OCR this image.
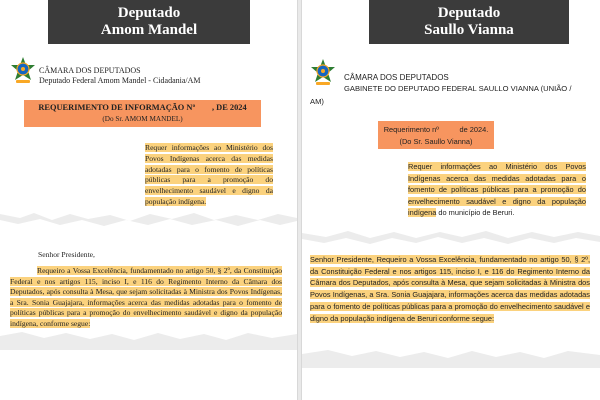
Deputado
Amom Mandel
CÂMARA DOS DEPUTADOS
Deputado Federal Amom Mandel - Cidadania/AM
REQUERIMENTO DE INFORMAÇÃO Nº        , DE 2024
(Do Sr. AMOM MANDEL)
Requer informações ao Ministério dos Povos Indígenas acerca das medidas adotadas para o fomento de políticas públicas para a promoção do envelhecimento saudável e digno da população indígena.
Senhor Presidente,
Requeiro a Vossa Excelência, fundamentado no artigo 50, § 2º, da Constituição Federal e nos artigos 115, inciso I, e 116 do Regimento Interno da Câmara dos Deputados, após consulta à Mesa, que sejam solicitadas à Ministra dos Povos Indígenas, a Sra. Sonia Guajajara, informações acerca das medidas adotadas para o fomento de políticas públicas para a promoção do envelhecimento saudável e digno da população indígena, conforme segue:
Deputado
Saullo Vianna
CÂMARA DOS DEPUTADOS
GABINETE DO DEPUTADO FEDERAL SAULLO VIANNA (UNIÃO /
AM)
Requerimento nº          de 2024.
(Do Sr. Saullo Vianna)
Requer informações ao Ministério dos Povos Indígenas acerca das medidas adotadas para o fomento de políticas públicas para a promoção do envelhecimento saudável e digno da população indígena do município de Beruri.
Senhor Presidente, Requeiro a Vossa Excelência, fundamentado no artigo 50, § 2º, da Constituição Federal e nos artigos 115, inciso I, e 116 do Regimento Interno da Câmara dos Deputados, após consulta à Mesa, que sejam solicitadas à Ministra dos Povos Indígenas, a Sra. Sonia Guajajara, informações acerca das medidas adotadas para o fomento de políticas públicas para a promoção do envelhecimento saudável e digno da população indígena de Beruri conforme segue:
